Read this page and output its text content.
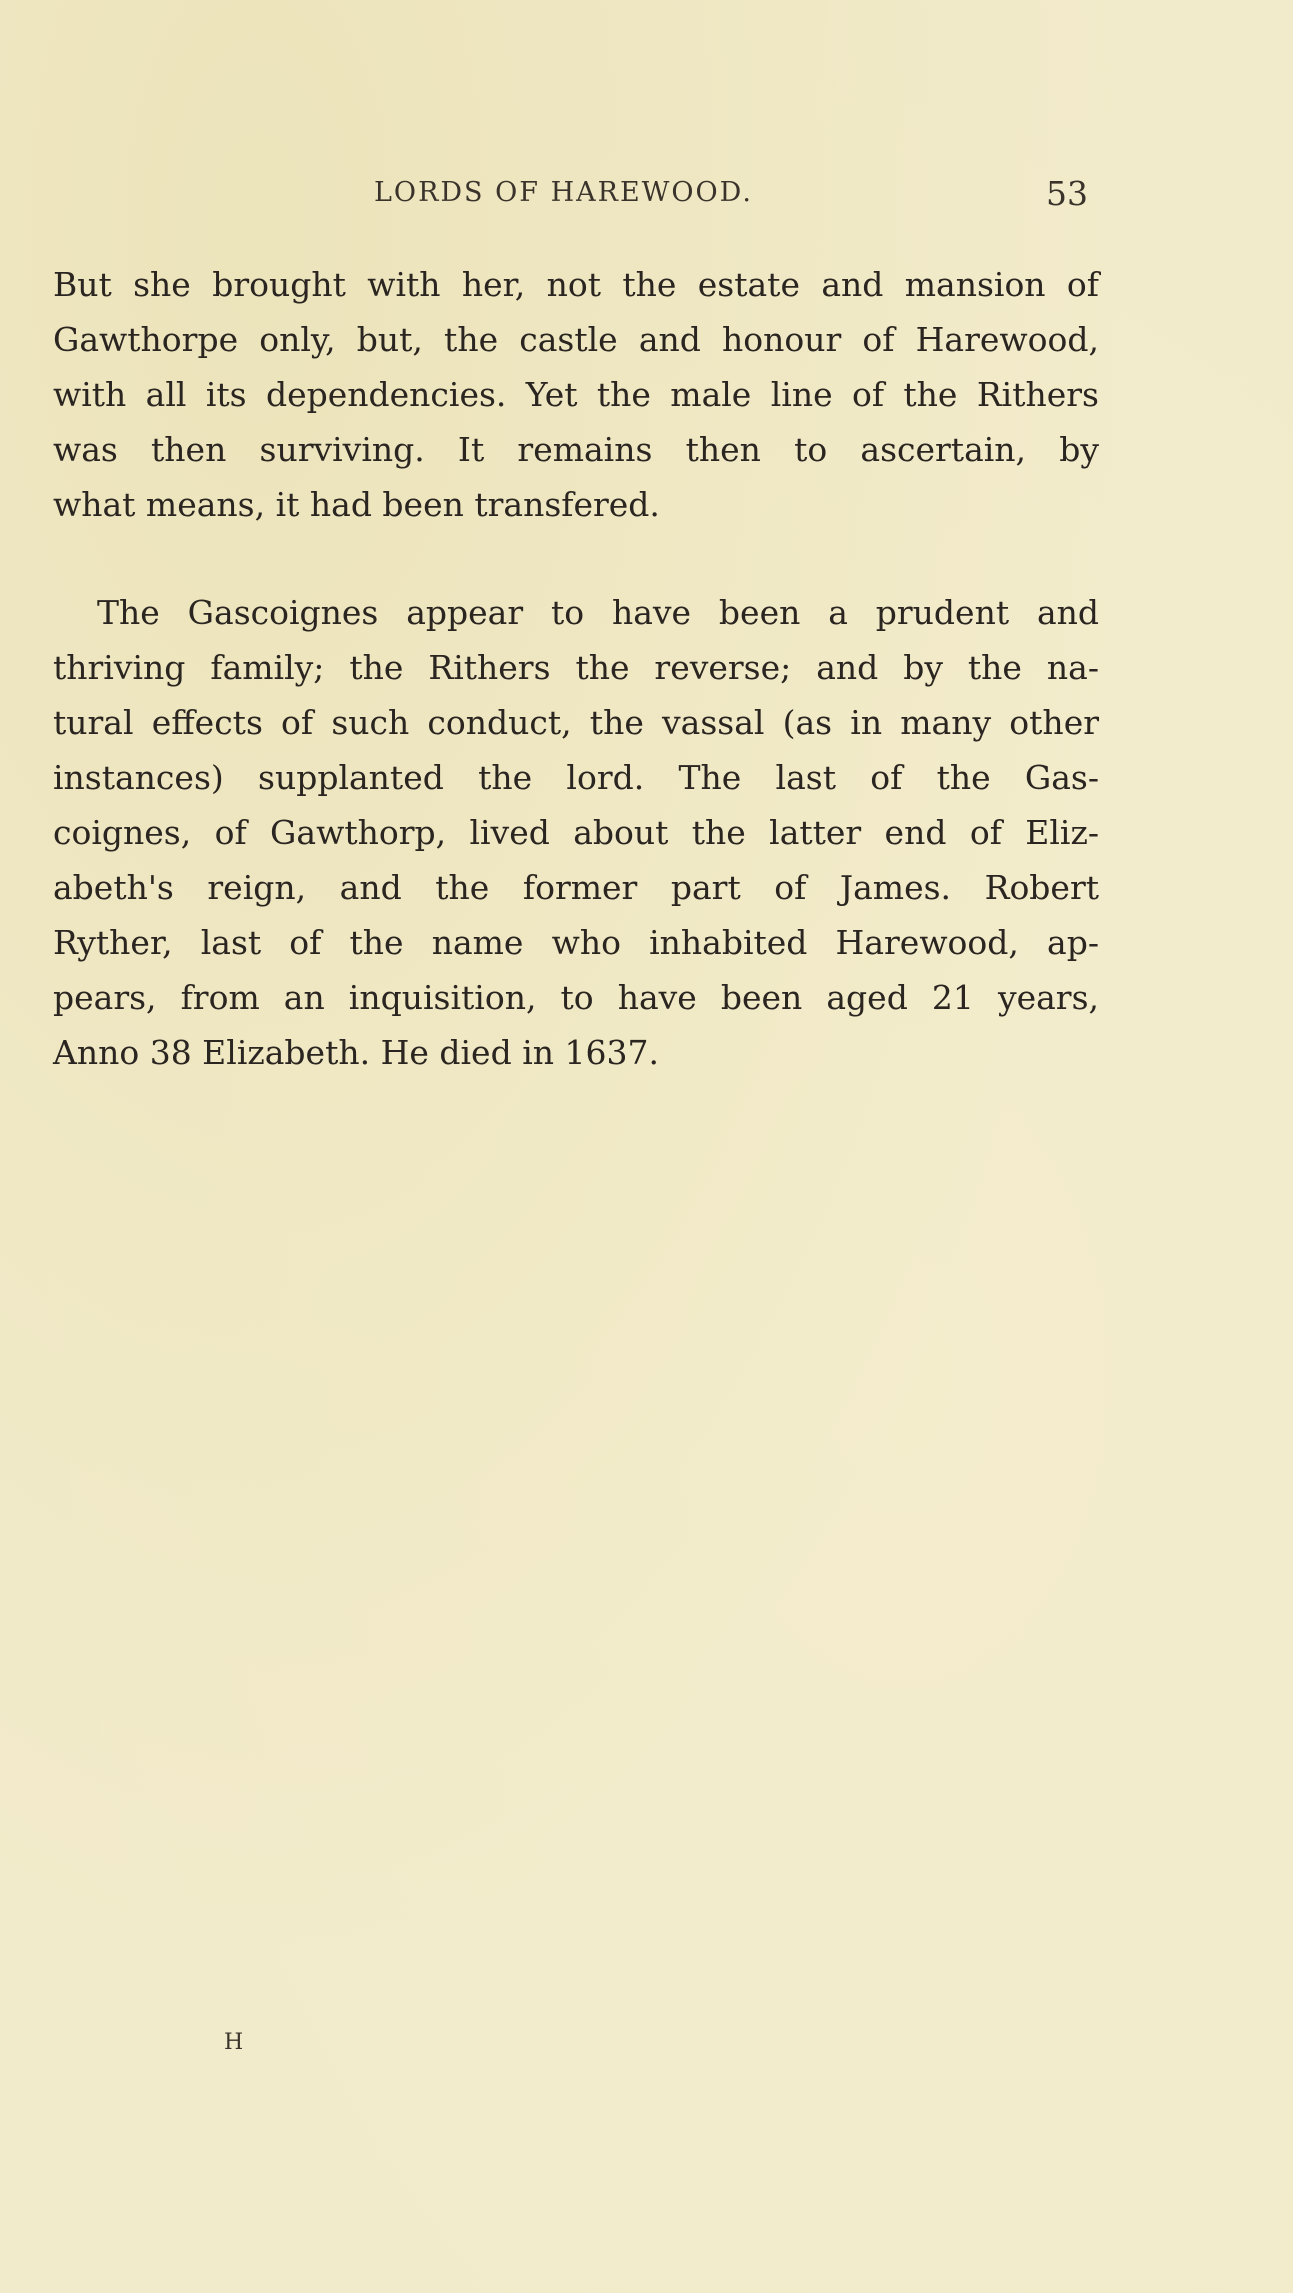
LORDS OF HAREWOOD.	53
But she brought with her, not the estate and mansion of
Gawthorpe only, but, the castle and honour of Harewood,
with all its dependencies. Yet the male line of the Rithers
was then surviving. It remains then to ascertain, by
what means, it had been transfered.
The Gascoignes appear to have been a prudent and
thriving family; the Rithers the reverse; and by the na-
tural effects of such conduct, the vassal (as in many other
instances) supplanted the lord. The last of the Gas-
coignes, of Gawthorp, lived about the latter end of Eliz-
abeth's reign, and the former part of James. Robert
Ryther, last of the name who inhabited Harewood, ap-
pears, from an inquisition, to have been aged 21 years,
Anno 38 Elizabeth. He died in 1637.
H
